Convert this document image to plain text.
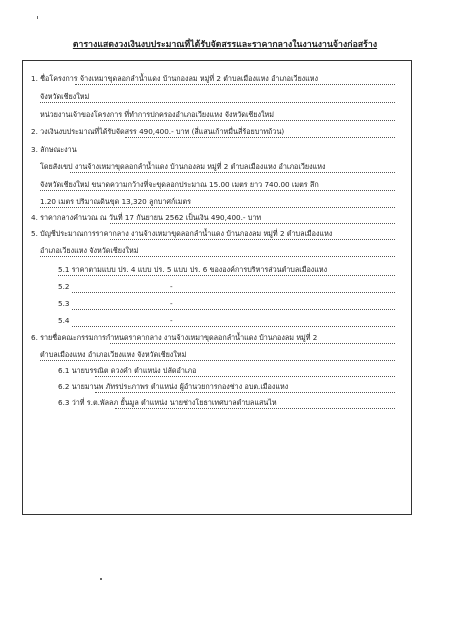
ตารางแสดงวงเงินงบประมาณที่ได้รับจัดสรรและราคากลางในงานงานจ้างก่อสร้าง
1. ชื่อโครงการ จ้างเหมาขุดลอกลำน้ำแดง บ้านกองลม หมู่ที่ 2 ตำบลเมืองแหง อำเภอเวียงแหง
จังหวัดเชียงใหม่
หน่วยงานเจ้าของโครงการ ที่ทำการปกครองอำเภอเวียงแหง จังหวัดเชียงใหม่
2. วงเงินงบประมาณที่ได้รับจัดสรร 490,400.- บาท (สี่แสนเก้าหมื่นสี่ร้อยบาทถ้วน)
3. ลักษณะงาน
โดยสังเขป งานจ้างเหมาขุดลอกลำน้ำแดง บ้านกองลม หมู่ที่ 2 ตำบลเมืองแหง อำเภอเวียงแหง
จังหวัดเชียงใหม่ ขนาดความกว้างที่จะขุดลอกประมาณ 15.00 เมตร ยาว 740.00 เมตร ลึก
1.20 เมตร ปริมาณดินขุด 13,320 ลูกบาศก์เมตร
4. ราคากลางคำนวณ ณ วันที่ 17 กันยายน 2562 เป็นเงิน 490,400.- บาท
5. บัญชีประมาณการราคากลาง งานจ้างเหมาขุดลอกลำน้ำแดง บ้านกองลม หมู่ที่ 2 ตำบลเมืองแหง
อำเภอเวียงแหง จังหวัดเชียงใหม่
5.1 ราคาตามแบบ ปร. 4 แบบ ปร. 5 แบบ ปร. 6 ขององค์การบริหารส่วนตำบลเมืองแหง
5.2	-
5.3	-
5.4	-
6. รายชื่อคณะกรรมการกำหนดราคากลาง งานจ้างเหมาขุดลอกลำน้ำแดง บ้านกองลม หมู่ที่ 2
ตำบลเมืองแหง อำเภอเวียงแหง จังหวัดเชียงใหม่
6.1 นายบรรณิต ดวงคำ ตำแหน่ง ปลัดอำเภอ
6.2 นายมานพ ภัทรประภาพร ตำแหน่ง ผู้อำนวยการกองช่าง อบต.เมืองแหง
6.3 ว่าที่ ร.ต.พัลลภ ยั้นมูล ตำแหน่ง นายช่างโยธาเทศบาลตำบลแสนไห
